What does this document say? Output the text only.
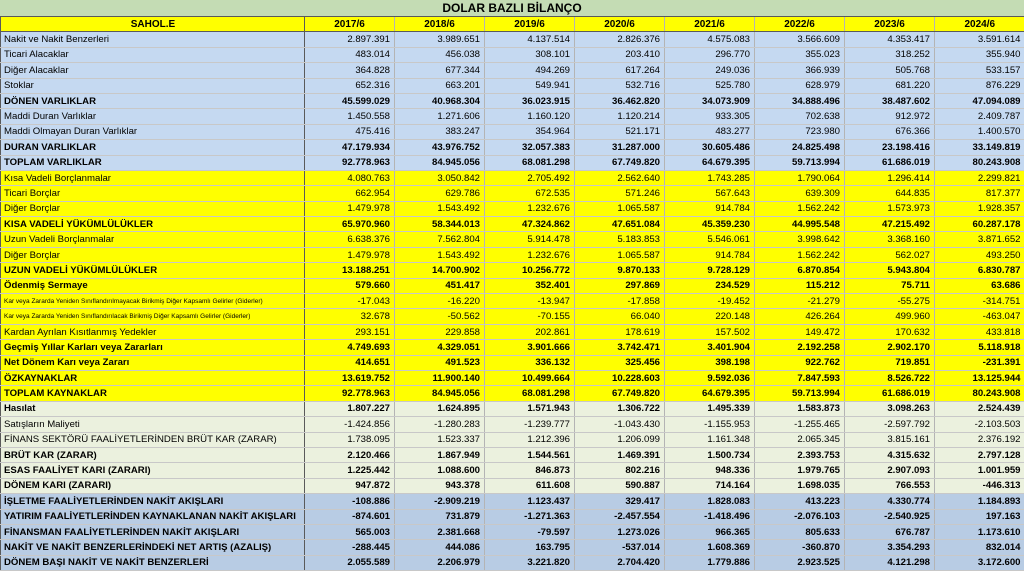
DOLAR BAZLI BİLANÇO
SAHOL.E	2017/6	2018/6	2019/6	2020/6	2021/6	2022/6	2023/6	2024/6
Nakit ve Nakit Benzerleri	2.897.391	3.989.651	4.137.514	2.826.376	4.575.083	3.566.609	4.353.417	3.591.614
Ticari Alacaklar	483.014	456.038	308.101	203.410	296.770	355.023	318.252	355.940
Diğer Alacaklar	364.828	677.344	494.269	617.264	249.036	366.939	505.768	533.157
Stoklar	652.316	663.201	549.941	532.716	525.780	628.979	681.220	876.229
DÖNEN VARLIKLAR	45.599.029	40.968.304	36.023.915	36.462.820	34.073.909	34.888.496	38.487.602	47.094.089
Maddi Duran Varlıklar	1.450.558	1.271.606	1.160.120	1.120.214	933.305	702.638	912.972	2.409.787
Maddi Olmayan Duran Varlıklar	475.416	383.247	354.964	521.171	483.277	723.980	676.366	1.400.570
DURAN VARLIKLAR	47.179.934	43.976.752	32.057.383	31.287.000	30.605.486	24.825.498	23.198.416	33.149.819
TOPLAM VARLIKLAR	92.778.963	84.945.056	68.081.298	67.749.820	64.679.395	59.713.994	61.686.019	80.243.908
Kısa Vadeli Borçlanmalar	4.080.763	3.050.842	2.705.492	2.562.640	1.743.285	1.790.064	1.296.414	2.299.821
Ticari Borçlar	662.954	629.786	672.535	571.246	567.643	639.309	644.835	817.377
Diğer Borçlar	1.479.978	1.543.492	1.232.676	1.065.587	914.784	1.562.242	1.573.973	1.928.357
KISA VADELİ YÜKÜMLÜLÜKLER	65.970.960	58.344.013	47.324.862	47.651.084	45.359.230	44.995.548	47.215.492	60.287.178
Uzun Vadeli Borçlanmalar	6.638.376	7.562.804	5.914.478	5.183.853	5.546.061	3.998.642	3.368.160	3.871.652
Diğer Borçlar	1.479.978	1.543.492	1.232.676	1.065.587	914.784	1.562.242	562.027	493.250
UZUN VADELİ YÜKÜMLÜLÜKLER	13.188.251	14.700.902	10.256.772	9.870.133	9.728.129	6.870.854	5.943.804	6.830.787
Ödenmiş Sermaye	579.660	451.417	352.401	297.869	234.529	115.212	75.711	63.686
Kar veya Zararda Yeniden Sınıflandırılmayacak Birikmiş Diğer Kapsamlı Gelirler (Giderler)	-17.043	-16.220	-13.947	-17.858	-19.452	-21.279	-55.275	-314.751
Kar veya Zararda Yeniden Sınıflandırılacak Birikmiş Diğer Kapsamlı Gelirler (Giderler)	32.678	-50.562	-70.155	66.040	220.148	426.264	499.960	-463.047
Kardan Ayrılan Kısıtlanmış Yedekler	293.151	229.858	202.861	178.619	157.502	149.472	170.632	433.818
Geçmiş Yıllar Karları veya Zararları	4.749.693	4.329.051	3.901.666	3.742.471	3.401.904	2.192.258	2.902.170	5.118.918
Net Dönem Karı veya Zararı	414.651	491.523	336.132	325.456	398.198	922.762	719.851	-231.391
ÖZKAYNAKLAR	13.619.752	11.900.140	10.499.664	10.228.603	9.592.036	7.847.593	8.526.722	13.125.944
TOPLAM KAYNAKLAR	92.778.963	84.945.056	68.081.298	67.749.820	64.679.395	59.713.994	61.686.019	80.243.908
Hasılat	1.807.227	1.624.895	1.571.943	1.306.722	1.495.339	1.583.873	3.098.263	2.524.439
Satışların Maliyeti	-1.424.856	-1.280.283	-1.239.777	-1.043.430	-1.155.953	-1.255.465	-2.597.792	-2.103.503
FİNANS SEKTÖRÜ FAALİYETLERİNDEN BRÜT KAR (ZARAR)	1.738.095	1.523.337	1.212.396	1.206.099	1.161.348	2.065.345	3.815.161	2.376.192
BRÜT KAR (ZARAR)	2.120.466	1.867.949	1.544.561	1.469.391	1.500.734	2.393.753	4.315.632	2.797.128
ESAS FAALİYET KARI (ZARARI)	1.225.442	1.088.600	846.873	802.216	948.336	1.979.765	2.907.093	1.001.959
DÖNEM KARI (ZARARI)	947.872	943.378	611.608	590.887	714.164	1.698.035	766.553	-446.313
İŞLETME FAALİYETLERİNDEN NAKİT AKIŞLARI	-108.886	-2.909.219	1.123.437	329.417	1.828.083	413.223	4.330.774	1.184.893
YATIRIM FAALİYETLERİNDEN KAYNAKLANAN NAKİT AKIŞLARI	-874.601	731.879	-1.271.363	-2.457.554	-1.418.496	-2.076.103	-2.540.925	197.163
FİNANSMAN FAALİYETLERİNDEN NAKİT AKIŞLARI	565.003	2.381.668	-79.597	1.273.026	966.365	805.633	676.787	1.173.610
NAKİT VE NAKİT BENZERLERİNDEKİ NET ARTIŞ (AZALIŞ)	-288.445	444.086	163.795	-537.014	1.608.369	-360.870	3.354.293	832.014
DÖNEM BAŞI NAKİT VE NAKİT BENZERLERİ	2.055.589	2.206.979	3.221.820	2.704.420	1.779.886	2.923.525	4.121.298	3.172.600
